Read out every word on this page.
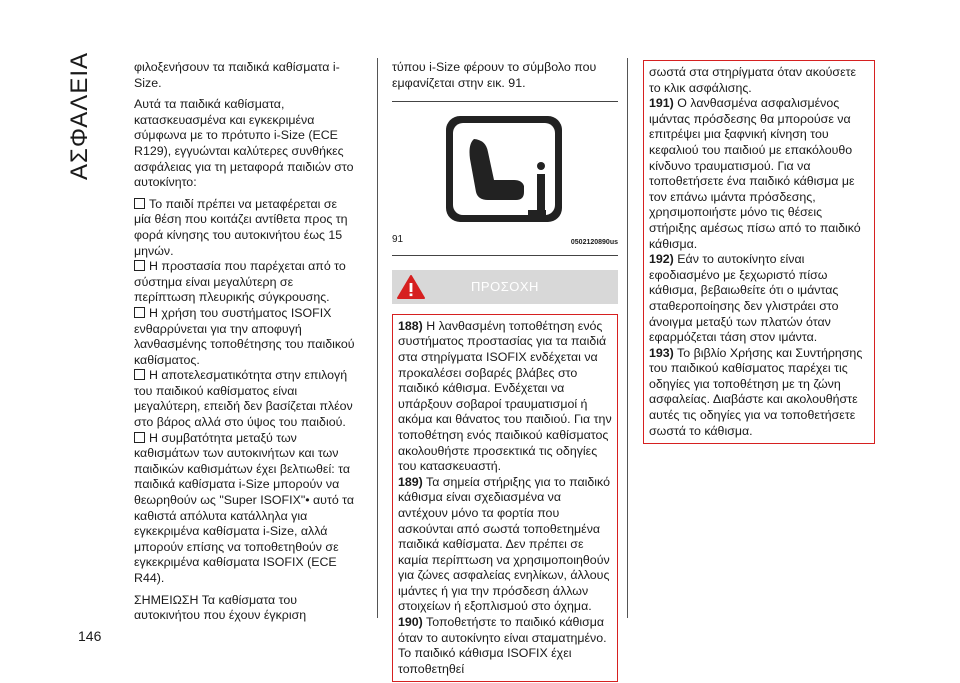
ΑΣΦΑΛΕΙΑ
146

φιλοξενήσουν τα παιδικά καθίσματα i-Size.

Αυτά τα παιδικά καθίσματα, κατασκευασμένα και εγκεκριμένα σύμφωνα με το πρότυπο i-Size (ECE R129), εγγυώνται καλύτερες συνθήκες ασφάλειας για τη μεταφορά παιδιών στο αυτοκίνητο:

Το παιδί πρέπει να μεταφέρεται σε μία θέση που κοιτάζει αντίθετα προς τη φορά κίνησης του αυτοκινήτου έως 15 μηνών.

Η προστασία που παρέχεται από το σύστημα είναι μεγαλύτερη σε περίπτωση πλευρικής σύγκρουσης.

Η χρήση του συστήματος ISOFIX ενθαρρύνεται για την αποφυγή λανθασμένης τοποθέτησης του παιδικού καθίσματος.

Η αποτελεσματικότητα στην επιλογή του παιδικού καθίσματος είναι μεγαλύτερη, επειδή δεν βασίζεται πλέον στο βάρος αλλά στο ύψος του παιδιού.

Η συμβατότητα μεταξύ των καθισμάτων των αυτοκινήτων και των παιδικών καθισμάτων έχει βελτιωθεί: τα παιδικά καθίσματα i-Size μπορούν να θεωρηθούν ως "Super ISOFIX"• αυτό τα καθιστά απόλυτα κατάλληλα για εγκεκριμένα καθίσματα i-Size, αλλά μπορούν επίσης να τοποθετηθούν σε εγκεκριμένα καθίσματα ISOFIX (ECE R44).

ΣΗΜΕΙΩΣΗ Τα καθίσματα του αυτοκινήτου που έχουν έγκριση

τύπου i-Size φέρουν το σύμβολο που εμφανίζεται στην εικ. 91.

91	0502120890us
ΠΡΟΣΟΧΗ

188) Η λανθασμένη τοποθέτηση ενός συστήματος προστασίας για τα παιδιά στα στηρίγματα ISOFIX ενδέχεται να προκαλέσει σοβαρές βλάβες στο παιδικό κάθισμα. Ενδέχεται να υπάρξουν σοβαροί τραυματισμοί ή ακόμα και θάνατος του παιδιού. Για την τοποθέτηση ενός παιδικού καθίσματος ακολουθήστε προσεκτικά τις οδηγίες του κατασκευαστή.

189) Τα σημεία στήριξης για το παιδικό κάθισμα είναι σχεδιασμένα να αντέχουν μόνο τα φορτία που ασκούνται από σωστά τοποθετημένα παιδικά καθίσματα. Δεν πρέπει σε καμία περίπτωση να χρησιμοποιηθούν για ζώνες ασφαλείας ενηλίκων, άλλους ιμάντες ή για την πρόσδεση άλλων στοιχείων ή εξοπλισμού στο όχημα.

190) Τοποθετήστε το παιδικό κάθισμα όταν το αυτοκίνητο είναι σταματημένο. Το παιδικό κάθισμα ISOFIX έχει τοποθετηθεί

σωστά στα στηρίγματα όταν ακούσετε το κλικ ασφάλισης.

191) Ο λανθασμένα ασφαλισμένος ιμάντας πρόσδεσης θα μπορούσε να επιτρέψει μια ξαφνική κίνηση του κεφαλιού του παιδιού με επακόλουθο κίνδυνο τραυματισμού. Για να τοποθετήσετε ένα παιδικό κάθισμα με τον επάνω ιμάντα πρόσδεσης, χρησιμοποιήστε μόνο τις θέσεις στήριξης αμέσως πίσω από το παιδικό κάθισμα.

192) Εάν το αυτοκίνητο είναι εφοδιασμένο με ξεχωριστό πίσω κάθισμα, βεβαιωθείτε ότι ο ιμάντας σταθεροποίησης δεν γλιστράει στο άνοιγμα μεταξύ των πλατών όταν εφαρμόζεται τάση στον ιμάντα.

193) Το βιβλίο Χρήσης και Συντήρησης του παιδικού καθίσματος παρέχει τις οδηγίες για τοποθέτηση με τη ζώνη ασφαλείας. Διαβάστε και ακολουθήστε αυτές τις οδηγίες για να τοποθετήσετε σωστά το κάθισμα.
